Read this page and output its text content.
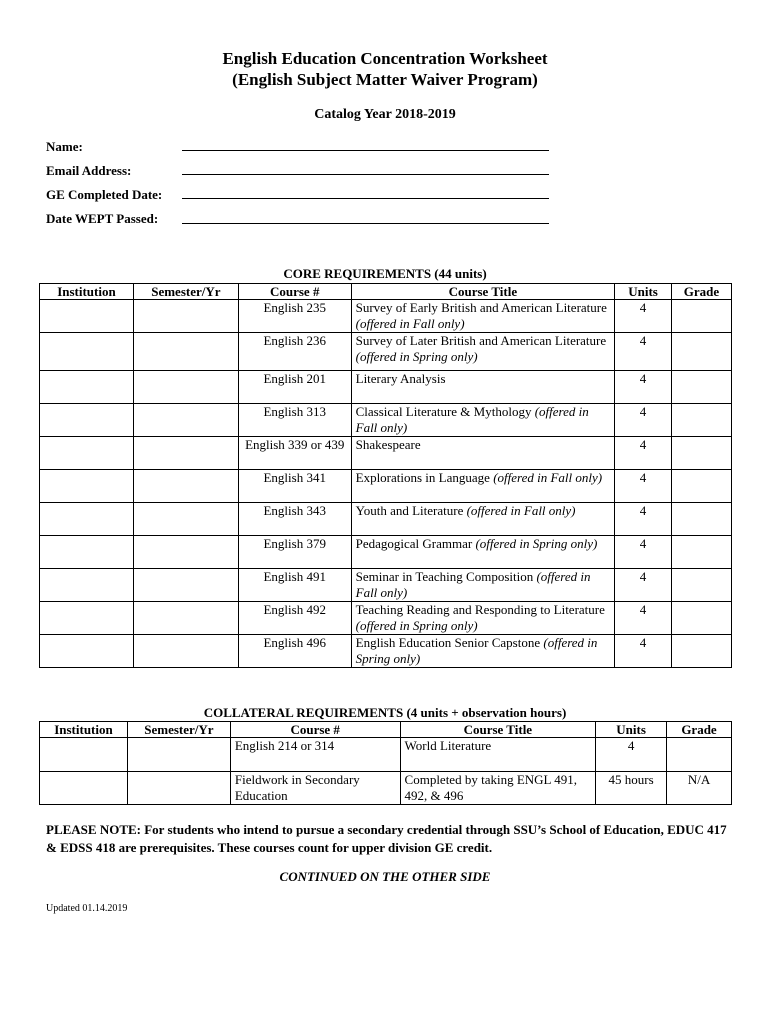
English Education Concentration Worksheet
(English Subject Matter Waiver Program)
Catalog Year 2018-2019
Name:
Email Address:
GE Completed Date:
Date WEPT Passed:
CORE REQUIREMENTS (44 units)
Institution	Semester/Yr	Course #	Course Title	Units	Grade
		English 235	Survey of Early British and American Literature (offered in Fall only)	4	
		English 236	Survey of Later British and American Literature (offered in Spring only)	4	
		English 201	Literary Analysis	4	
		English 313	Classical Literature & Mythology (offered in Fall only)	4	
		English 339 or 439	Shakespeare	4	
		English 341	Explorations in Language (offered in Fall only)	4	
		English 343	Youth and Literature (offered in Fall only)	4	
		English 379	Pedagogical Grammar (offered in Spring only)	4	
		English 491	Seminar in Teaching Composition (offered in Fall only)	4	
		English 492	Teaching Reading and Responding to Literature (offered in Spring only)	4	
		English 496	English Education Senior Capstone (offered in Spring only)	4	
COLLATERAL REQUIREMENTS (4 units + observation hours)
Institution	Semester/Yr	Course #	Course Title	Units	Grade
		English 214 or 314	World Literature	4	
		Fieldwork in Secondary Education	Completed by taking ENGL 491, 492, & 496	45 hours	N/A
PLEASE NOTE: For students who intend to pursue a secondary credential through SSU’s School of Education, EDUC 417 & EDSS 418 are prerequisites. These courses count for upper division GE credit.
CONTINUED ON THE OTHER SIDE
Updated 01.14.2019
